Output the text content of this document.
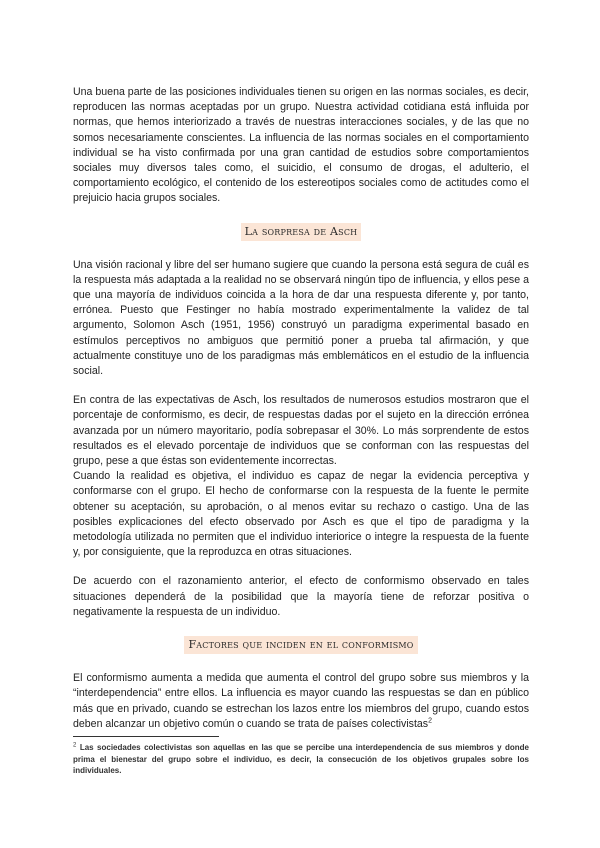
Una buena parte de las posiciones individuales tienen su origen en las normas sociales, es decir, reproducen las normas aceptadas por un grupo. Nuestra actividad cotidiana está influida por normas, que hemos interiorizado a través de nuestras interacciones sociales, y de las que no somos necesariamente conscientes. La influencia de las normas sociales en el comportamiento individual se ha visto confirmada por una gran cantidad de estudios sobre comportamientos sociales muy diversos tales como, el suicidio, el consumo de drogas, el adulterio, el comportamiento ecológico, el contenido de los estereotipos sociales como de actitudes como el prejuicio hacia grupos sociales.

La sorpresa de Asch

Una visión racional y libre del ser humano sugiere que cuando la persona está segura de cuál es la respuesta más adaptada a la realidad no se observará ningún tipo de influencia, y ellos pese a que una mayoría de individuos coincida a la hora de dar una respuesta diferente y, por tanto, errónea. Puesto que Festinger no había mostrado experimentalmente la validez de tal argumento, Solomon Asch (1951, 1956) construyó un paradigma experimental basado en estímulos perceptivos no ambiguos que permitió poner a prueba tal afirmación, y que actualmente constituye uno de los paradigmas más emblemáticos en el estudio de la influencia social.

En contra de las expectativas de Asch, los resultados de numerosos estudios mostraron que el porcentaje de conformismo, es decir, de respuestas dadas por el sujeto en la dirección errónea avanzada por un número mayoritario, podía sobrepasar el 30%. Lo más sorprendente de estos resultados es el elevado porcentaje de individuos que se conforman con las respuestas del grupo, pese a que éstas son evidentemente incorrectas.

Cuando la realidad es objetiva, el individuo es capaz de negar la evidencia perceptiva y conformarse con el grupo. El hecho de conformarse con la respuesta de la fuente le permite obtener su aceptación, su aprobación, o al menos evitar su rechazo o castigo. Una de las posibles explicaciones del efecto observado por Asch es que el tipo de paradigma y la metodología utilizada no permiten que el individuo interiorice o integre la respuesta de la fuente y, por consiguiente, que la reproduzca en otras situaciones.

De acuerdo con el razonamiento anterior, el efecto de conformismo observado en tales situaciones dependerá de la posibilidad que la mayoría tiene de reforzar positiva o negativamente la respuesta de un individuo.

Factores que inciden en el conformismo

El conformismo aumenta a medida que aumenta el control del grupo sobre sus miembros y la “interdependencia” entre ellos. La influencia es mayor cuando las respuestas se dan en público más que en privado, cuando se estrechan los lazos entre los miembros del grupo, cuando estos deben alcanzar un objetivo común o cuando se trata de países colectivistas$^2$

$^2$ Las sociedades colectivistas son aquellas en las que se percibe una interdependencia de sus miembros y donde prima el bienestar del grupo sobre el individuo, es decir, la consecución de los objetivos grupales sobre los individuales.
